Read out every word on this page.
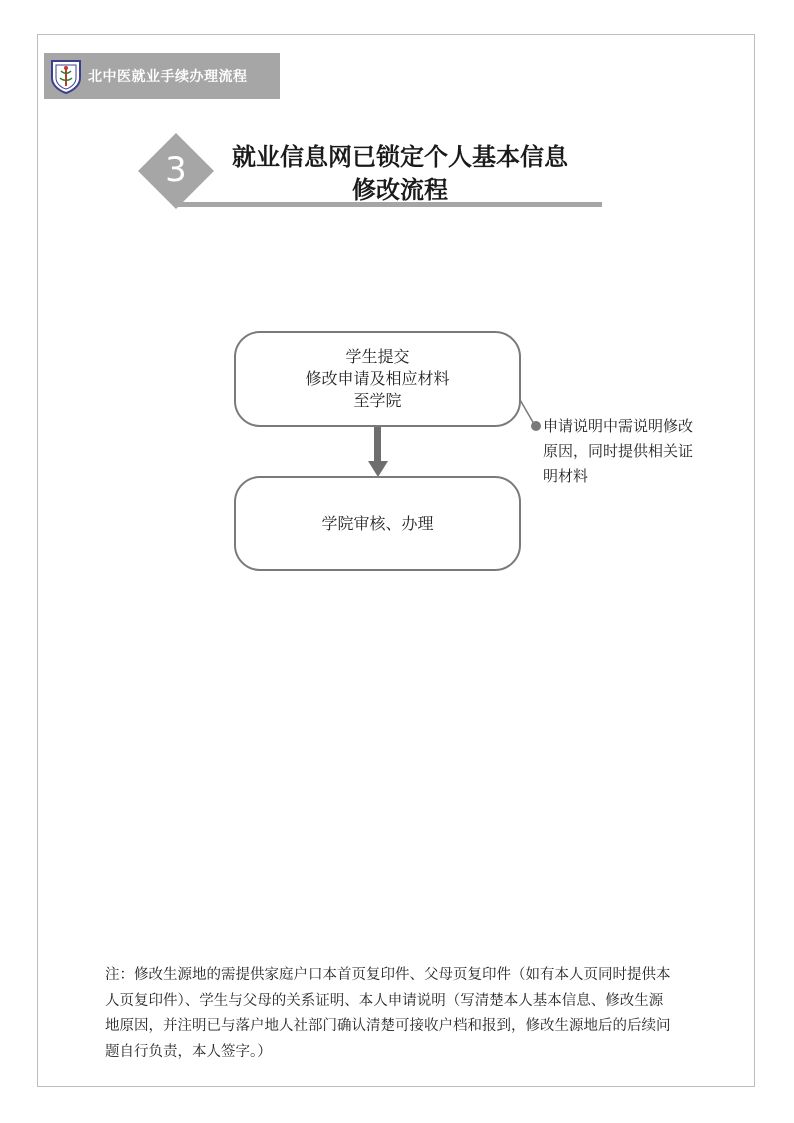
北中医就业手续办理流程
3	就业信息网已锁定个人基本信息
修改流程
学生提交
修改申请及相应材料
至学院
学院审核、办理
申请说明中需说明修改
原因，同时提供相关证
明材料
注：修改生源地的需提供家庭户口本首页复印件、父母页复印件（如有本人页同时提供本
人页复印件）、学生与父母的关系证明、本人申请说明（写清楚本人基本信息、修改生源
地原因，并注明已与落户地人社部门确认清楚可接收户档和报到，修改生源地后的后续问
题自行负责，本人签字。）
